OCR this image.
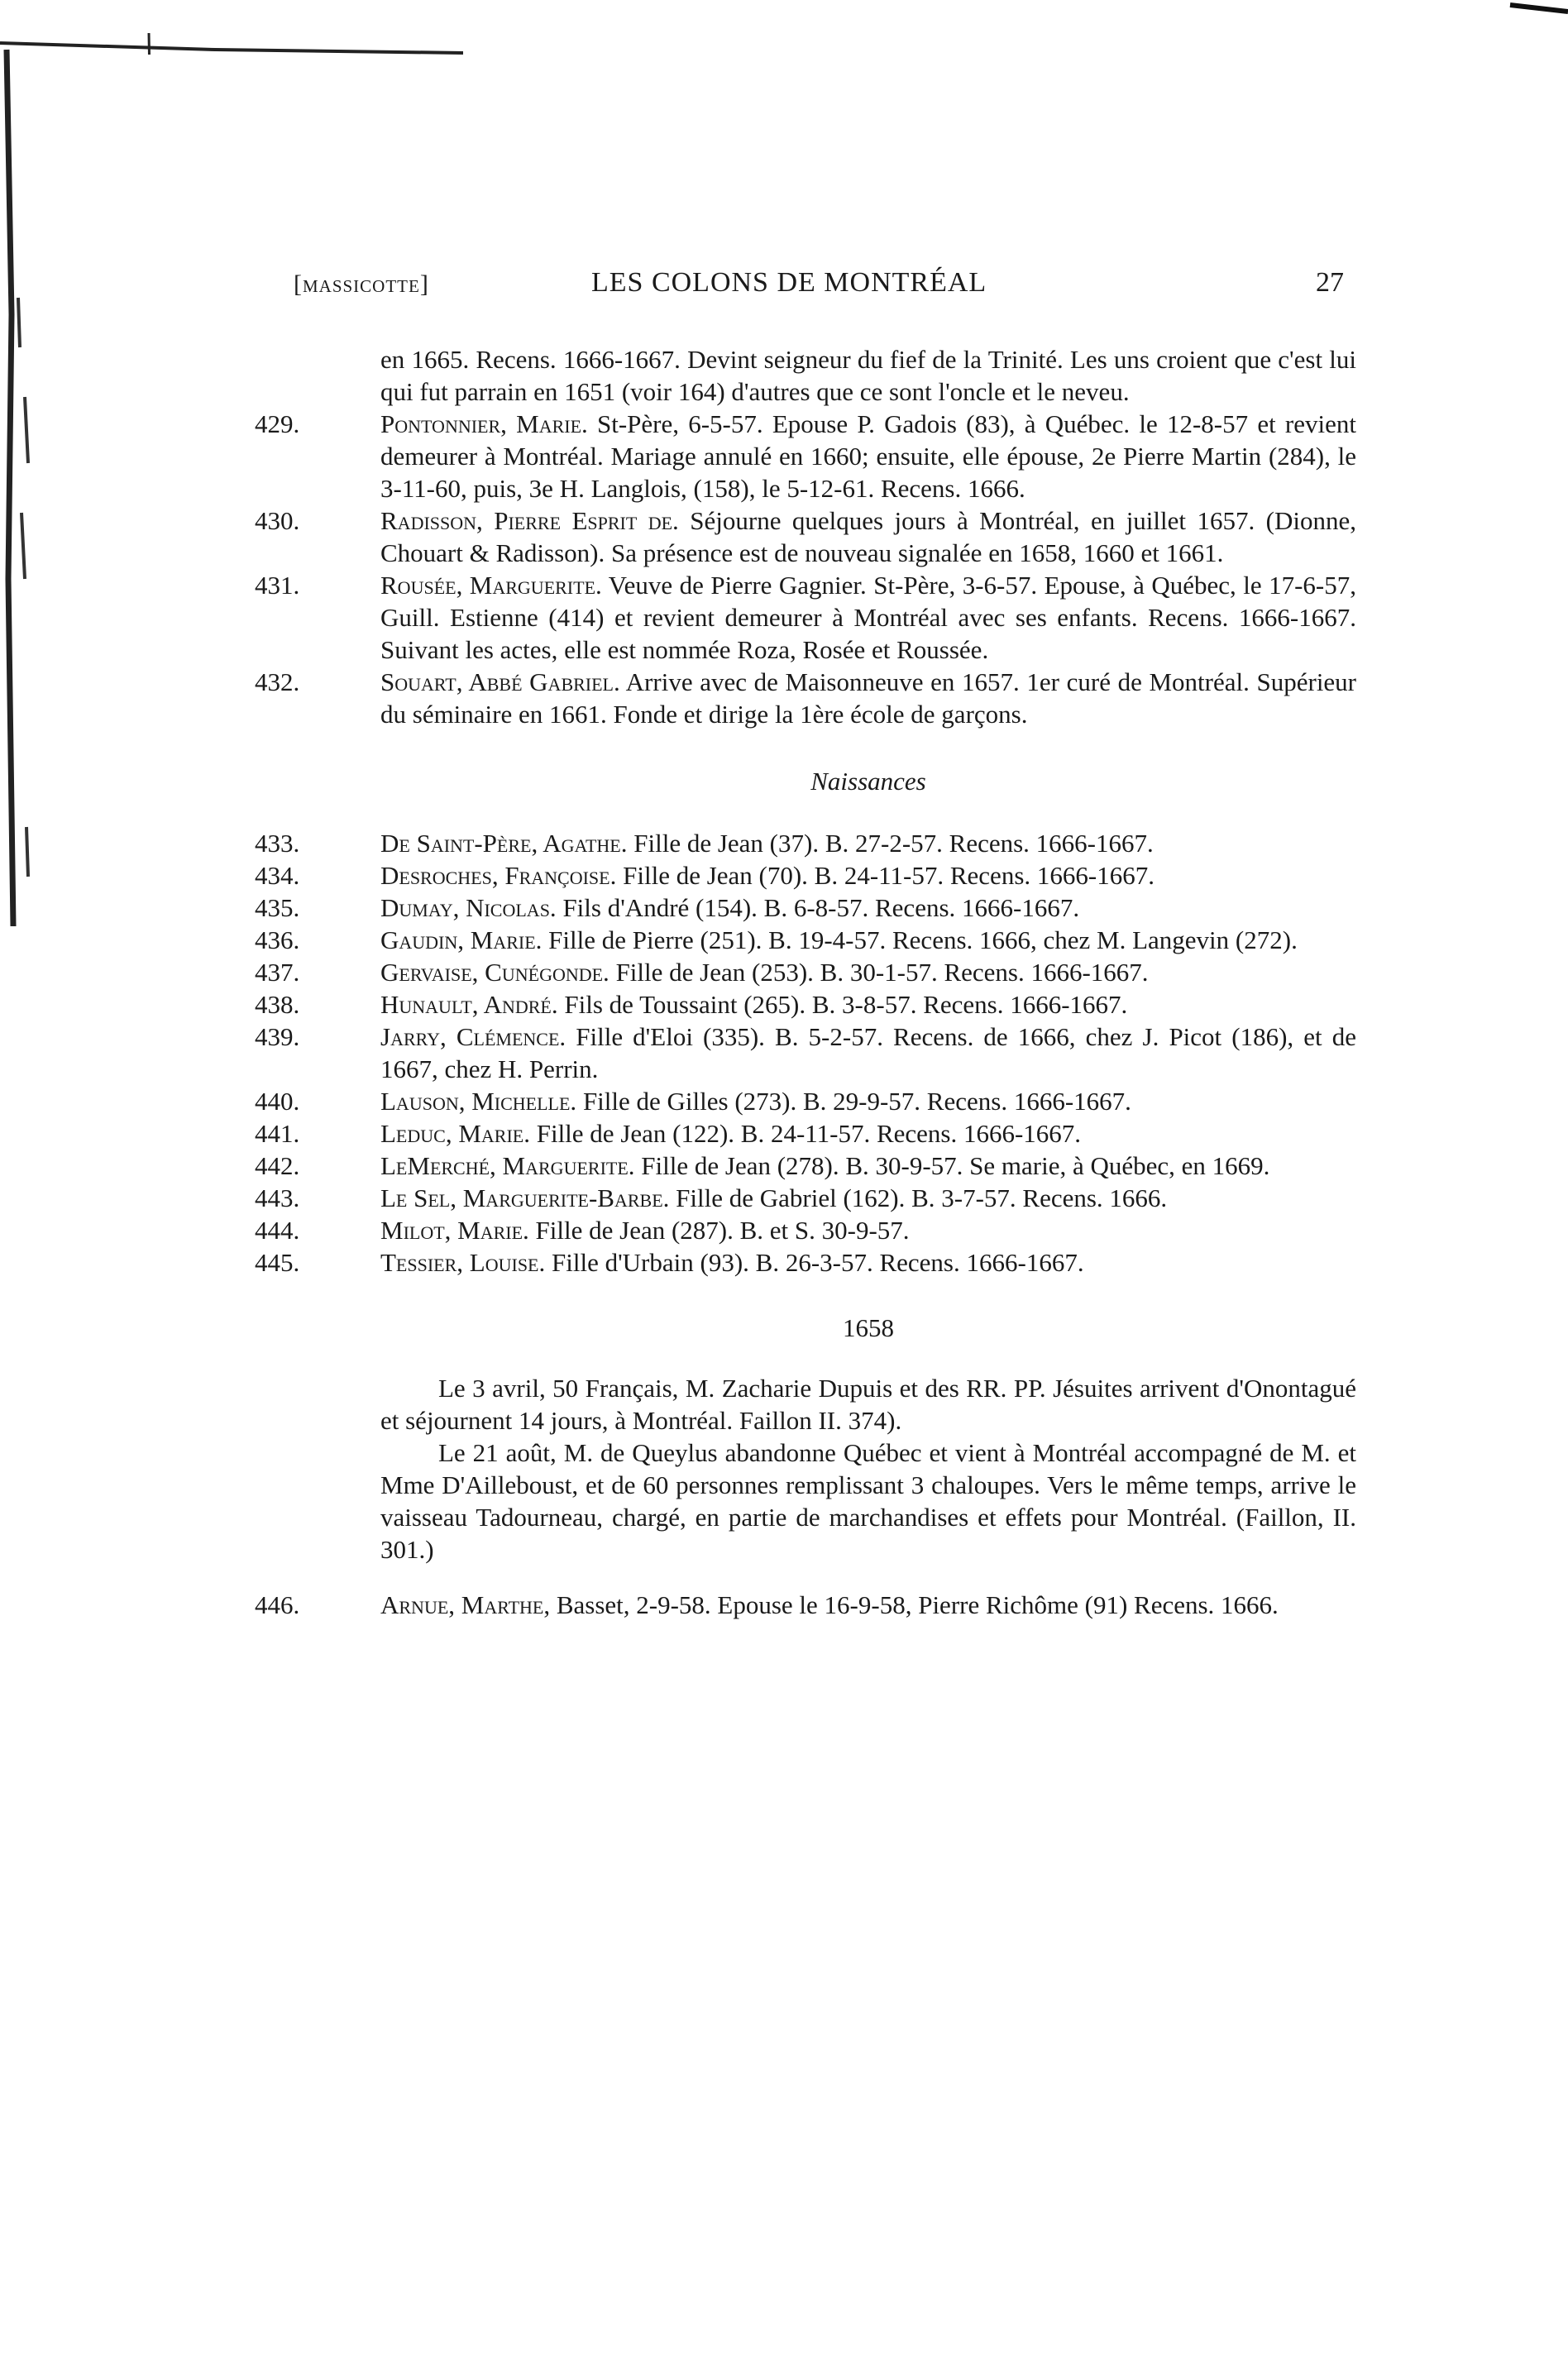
[massicotte]	LES COLONS DE MONTRÉAL	27

en 1665. Recens. 1666-1667. Devint seigneur du fief de la Trinité. Les uns croient que c'est lui qui fut parrain en 1651 (voir 164) d'autres que ce sont l'oncle et le neveu.

429.	Pontonnier, Marie. St-Père, 6-5-57. Epouse P. Gadois (83), à Québec. le 12-8-57 et revient demeurer à Montréal. Mariage annulé en 1660; ensuite, elle épouse, 2e Pierre Martin (284), le 3-11-60, puis, 3e H. Langlois, (158), le 5-12-61. Recens. 1666.

430.	Radisson, Pierre Esprit de. Séjourne quelques jours à Montréal, en juillet 1657. (Dionne, Chouart & Radisson). Sa présence est de nouveau signalée en 1658, 1660 et 1661.

431.	Rousée, Marguerite. Veuve de Pierre Gagnier. St-Père, 3-6-57. Epouse, à Québec, le 17-6-57, Guill. Estienne (414) et revient demeurer à Montréal avec ses enfants. Recens. 1666-1667. Suivant les actes, elle est nommée Roza, Rosée et Roussée.

432.	Souart, Abbé Gabriel. Arrive avec de Maisonneuve en 1657. 1er curé de Montréal. Supérieur du séminaire en 1661. Fonde et dirige la 1ère école de garçons.

Naissances

433.	De Saint-Père, Agathe. Fille de Jean (37). B. 27-2-57. Recens. 1666-1667.

434.	Desroches, Françoise. Fille de Jean (70). B. 24-11-57. Recens. 1666-1667.

435.	Dumay, Nicolas. Fils d'André (154). B. 6-8-57. Recens. 1666-1667.

436.	Gaudin, Marie. Fille de Pierre (251). B. 19-4-57. Recens. 1666, chez M. Langevin (272).

437.	Gervaise, Cunégonde. Fille de Jean (253). B. 30-1-57. Recens. 1666-1667.

438.	Hunault, André. Fils de Toussaint (265). B. 3-8-57. Recens. 1666-1667.

439.	Jarry, Clémence. Fille d'Eloi (335). B. 5-2-57. Recens. de 1666, chez J. Picot (186), et de 1667, chez H. Perrin.

440.	Lauson, Michelle. Fille de Gilles (273). B. 29-9-57. Recens. 1666-1667.

441.	Leduc, Marie. Fille de Jean (122). B. 24-11-57. Recens. 1666-1667.

442.	LeMerché, Marguerite. Fille de Jean (278). B. 30-9-57. Se marie, à Québec, en 1669.

443.	Le Sel, Marguerite-Barbe. Fille de Gabriel (162). B. 3-7-57. Recens. 1666.

444.	Milot, Marie. Fille de Jean (287). B. et S. 30-9-57.

445.	Tessier, Louise. Fille d'Urbain (93). B. 26-3-57. Recens. 1666-1667.

1658

Le 3 avril, 50 Français, M. Zacharie Dupuis et des RR. PP. Jésuites arrivent d'Onontagué et séjournent 14 jours, à Montréal. Faillon II. 374).

Le 21 août, M. de Queylus abandonne Québec et vient à Montréal accompagné de M. et Mme D'Ailleboust, et de 60 personnes remplissant 3 chaloupes. Vers le même temps, arrive le vaisseau Tadourneau, chargé, en partie de marchandises et effets pour Montréal. (Faillon, II. 301.)

446.	Arnue, Marthe, Basset, 2-9-58. Epouse le 16-9-58, Pierre Richôme (91) Recens. 1666.
